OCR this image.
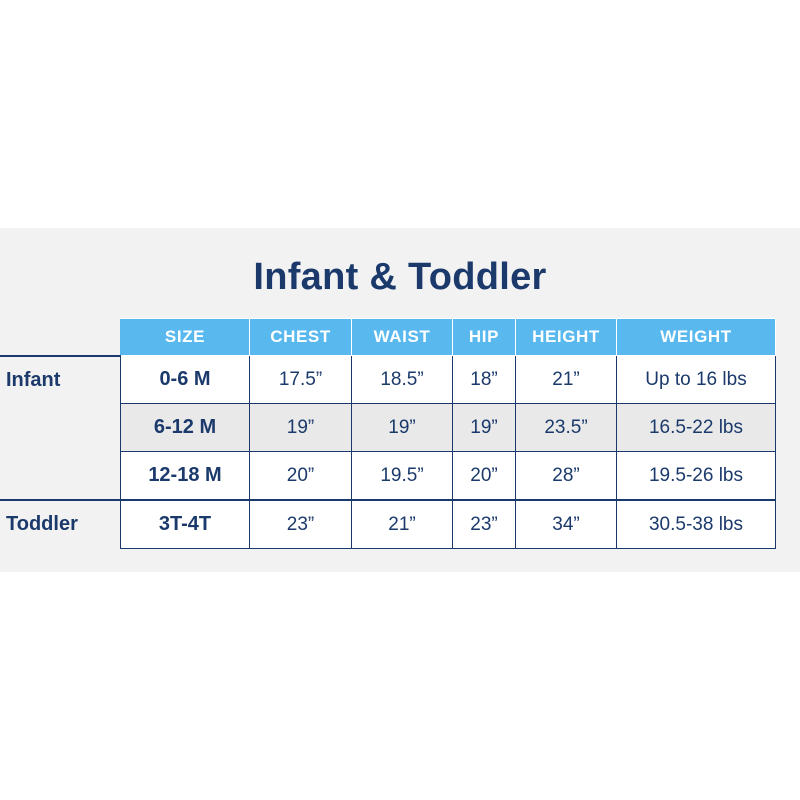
Infant & Toddler
	SIZE	CHEST	WAIST	HIP	HEIGHT	WEIGHT
Infant	0-6 M	17.5”	18.5”	18”	21”	Up to 16 lbs
	6-12 M	19”	19”	19”	23.5”	16.5-22 lbs
	12-18 M	20”	19.5”	20”	28”	19.5-26 lbs
Toddler	3T-4T	23”	21”	23”	34”	30.5-38 lbs
